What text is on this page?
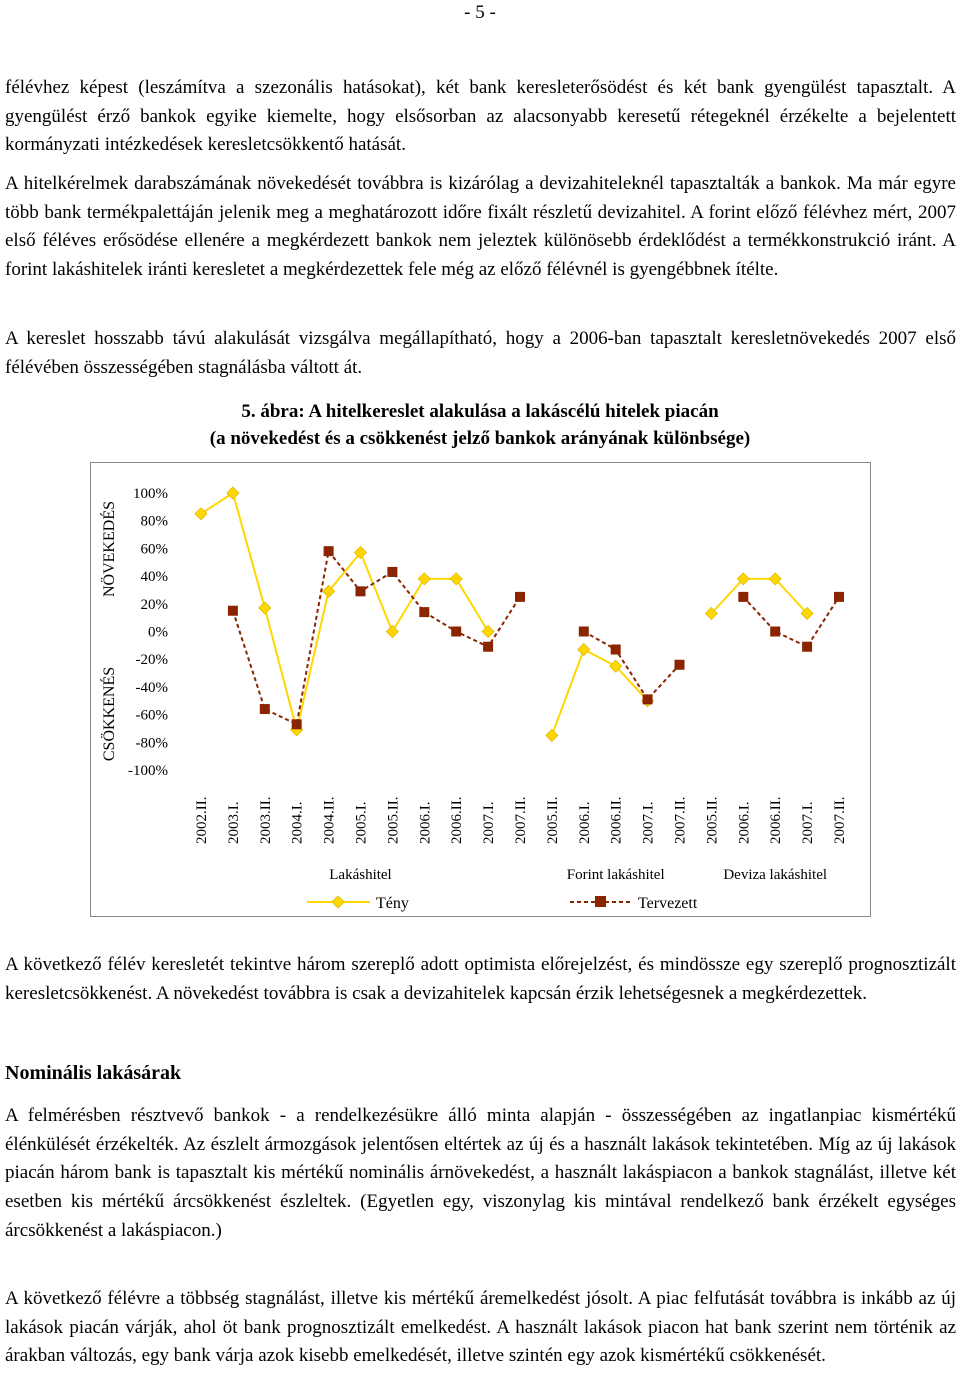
- 5 -

félévhez képest (leszámítva a szezonális hatásokat), két bank keresleterősödést és két bank gyengülést tapasztalt. A gyengülést érző bankok egyike kiemelte, hogy elsősorban az alacsonyabb keresetű rétegeknél érzékelte a bejelentett kormányzati intézkedések keresletcsökkentő hatását.

A hitelkérelmek darabszámának növekedését továbbra is kizárólag a devizahiteleknél tapasztalták a bankok. Ma már egyre több bank termékpalettáján jelenik meg a meghatározott időre fixált részletű devizahitel. A forint előző félévhez mért, 2007 első féléves erősödése ellenére a megkérdezett bankok nem jeleztek különösebb érdeklődést a termékkonstrukció iránt. A forint lakáshitelek iránti keresletet a megkérdezettek fele még az előző félévnél is gyengébbnek ítélte.

A kereslet hosszabb távú alakulását vizsgálva megállapítható, hogy a 2006-ban tapasztalt keresletnövekedés 2007 első félévében összességében stagnálásba váltott át.

5. ábra: A hitelkereslet alakulása a lakáscélú hitelek piacán
(a növekedést és a csökkenést jelző bankok arányának különbsége)
NÖVEKEDÉS
CSÖKKENÉS
100%
80%
60%
40%
20%
0%
-20%
-40%
-60%
-80%
-100%
2002.II. 2003.I. 2003.II. 2004.I. 2004.II. 2005.I. 2005.II. 2006.I. 2006.II. 2007.I. 2007.II. 2005.II. 2006.I. 2006.II. 2007.I. 2007.II. 2005.II. 2006.I. 2006.II. 2007.I. 2007.II.
Lakáshitel	Forint lakáshitel	Deviza lakáshitel
Tény	Tervezett

A következő félév keresletét tekintve három szereplő adott optimista előrejelzést, és mindössze egy szereplő prognosztizált keresletcsökkenést. A növekedést továbbra is csak a devizahitelek kapcsán érzik lehetségesnek a megkérdezettek.

Nominális lakásárak

A felmérésben résztvevő bankok - a rendelkezésükre álló minta alapján - összességében az ingatlanpiac kismértékű élénkülését érzékelték. Az észlelt ármozgások jelentősen eltértek az új és a használt lakások tekintetében. Míg az új lakások piacán három bank is tapasztalt kis mértékű nominális árnövekedést, a használt lakáspiacon a bankok stagnálást, illetve két esetben kis mértékű árcsökkenést észleltek. (Egyetlen egy, viszonylag kis mintával rendelkező bank érzékelt egységes árcsökkenést a lakáspiacon.)

A következő félévre a többség stagnálást, illetve kis mértékű áremelkedést jósolt. A piac felfutását továbbra is inkább az új lakások piacán várják, ahol öt bank prognosztizált emelkedést. A használt lakások piacon hat bank szerint nem történik az árakban változás, egy bank várja azok kisebb emelkedését, illetve szintén egy azok kismértékű csökkenését.
